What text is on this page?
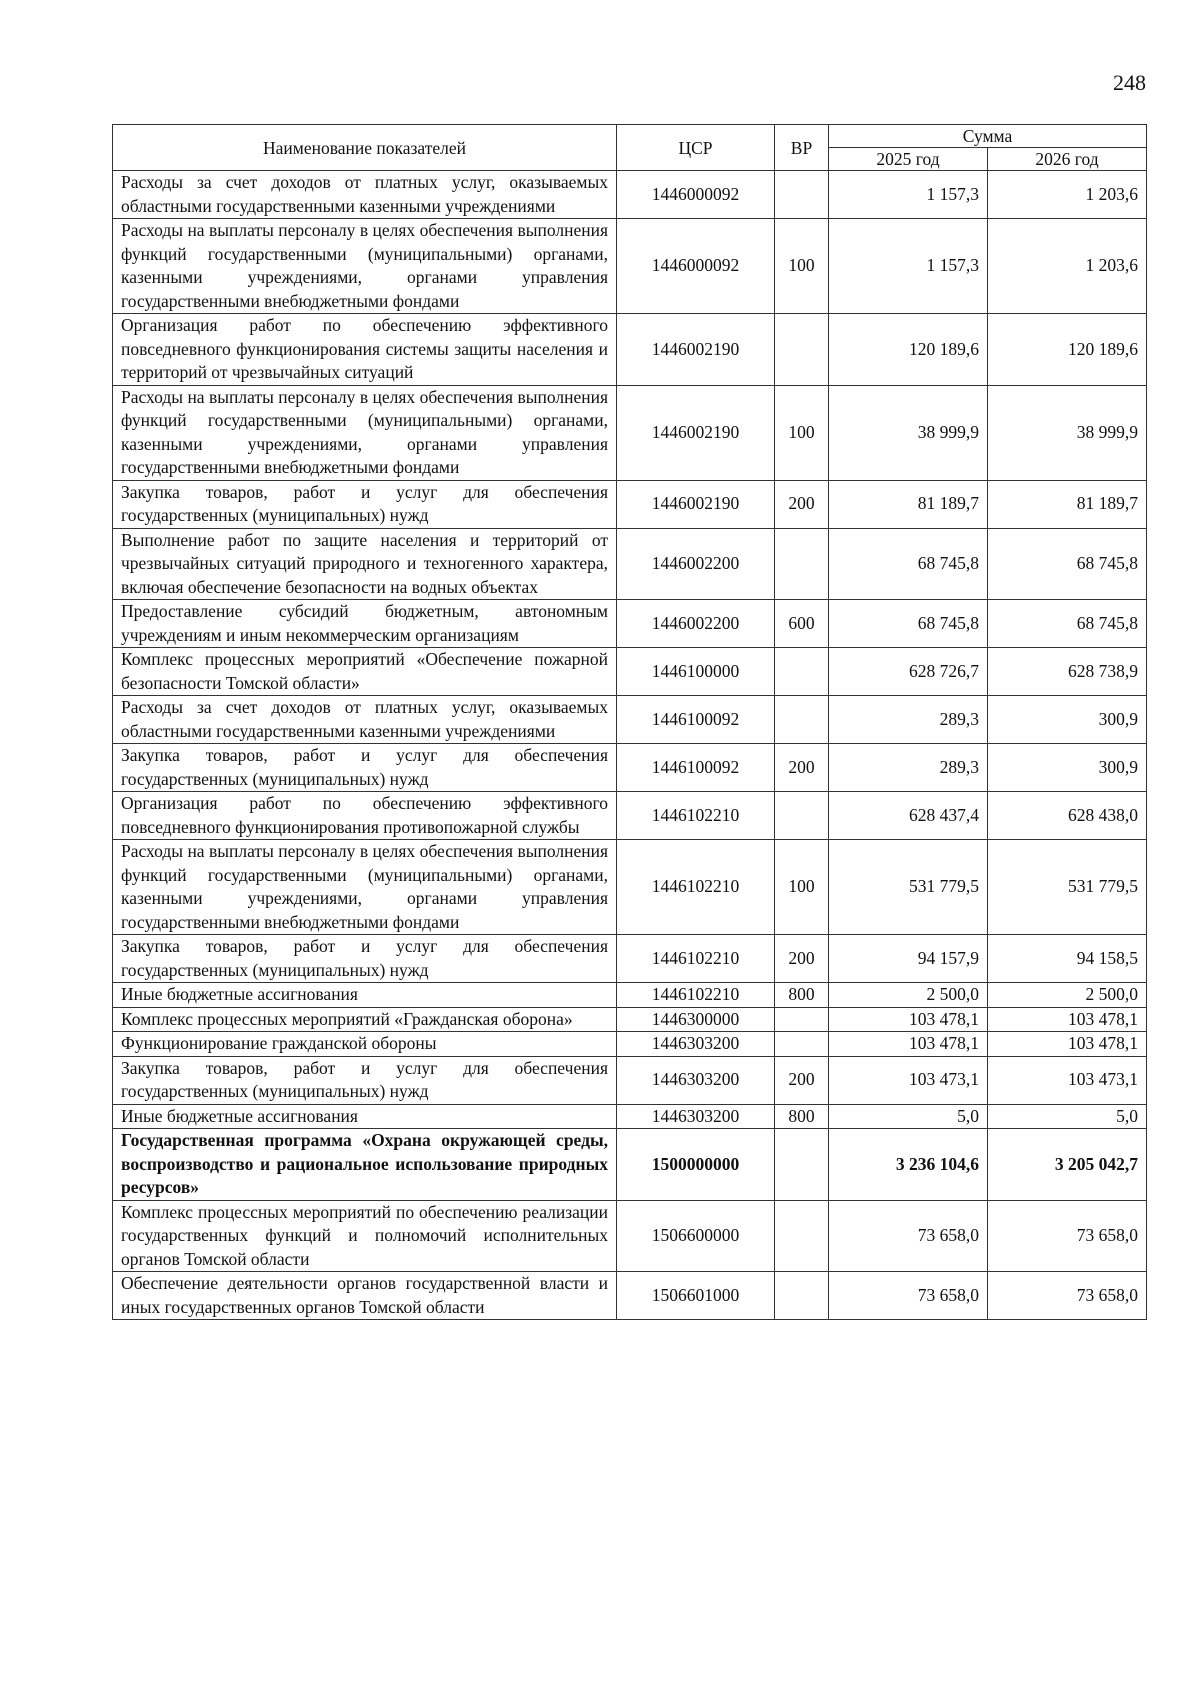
248
Наименование показателей	ЦСР	ВР	Сумма	
			2025 год	2026 год
Расходы за счет доходов от платных услуг, оказываемых областными государственными казенными учреждениями	1446000092		1 157,3	1 203,6
Расходы на выплаты персоналу в целях обеспечения выполнения функций государственными (муниципальными) органами, казенными учреждениями, органами управления государственными внебюджетными фондами	1446000092	100	1 157,3	1 203,6
Организация работ по обеспечению эффективного повседневного функционирования системы защиты населения и территорий от чрезвычайных ситуаций	1446002190		120 189,6	120 189,6
Расходы на выплаты персоналу в целях обеспечения выполнения функций государственными (муниципальными) органами, казенными учреждениями, органами управления государственными внебюджетными фондами	1446002190	100	38 999,9	38 999,9
Закупка товаров, работ и услуг для обеспечения государственных (муниципальных) нужд	1446002190	200	81 189,7	81 189,7
Выполнение работ по защите населения и территорий от чрезвычайных ситуаций природного и техногенного характера, включая обеспечение безопасности на водных объектах	1446002200		68 745,8	68 745,8
Предоставление субсидий бюджетным, автономным учреждениям и иным некоммерческим организациям	1446002200	600	68 745,8	68 745,8
Комплекс процессных мероприятий «Обеспечение пожарной безопасности Томской области»	1446100000		628 726,7	628 738,9
Расходы за счет доходов от платных услуг, оказываемых областными государственными казенными учреждениями	1446100092		289,3	300,9
Закупка товаров, работ и услуг для обеспечения государственных (муниципальных) нужд	1446100092	200	289,3	300,9
Организация работ по обеспечению эффективного повседневного функционирования противопожарной службы	1446102210		628 437,4	628 438,0
Расходы на выплаты персоналу в целях обеспечения выполнения функций государственными (муниципальными) органами, казенными учреждениями, органами управления государственными внебюджетными фондами	1446102210	100	531 779,5	531 779,5
Закупка товаров, работ и услуг для обеспечения государственных (муниципальных) нужд	1446102210	200	94 157,9	94 158,5
Иные бюджетные ассигнования	1446102210	800	2 500,0	2 500,0
Комплекс процессных мероприятий «Гражданская оборона»	1446300000		103 478,1	103 478,1
Функционирование гражданской обороны	1446303200		103 478,1	103 478,1
Закупка товаров, работ и услуг для обеспечения государственных (муниципальных) нужд	1446303200	200	103 473,1	103 473,1
Иные бюджетные ассигнования	1446303200	800	5,0	5,0
Государственная программа «Охрана окружающей среды, воспроизводство и рациональное использование природных ресурсов»	1500000000		3 236 104,6	3 205 042,7
Комплекс процессных мероприятий по обеспечению реализации государственных функций и полномочий исполнительных органов Томской области	1506600000		73 658,0	73 658,0
Обеспечение деятельности органов государственной власти и иных государственных органов Томской области	1506601000		73 658,0	73 658,0
